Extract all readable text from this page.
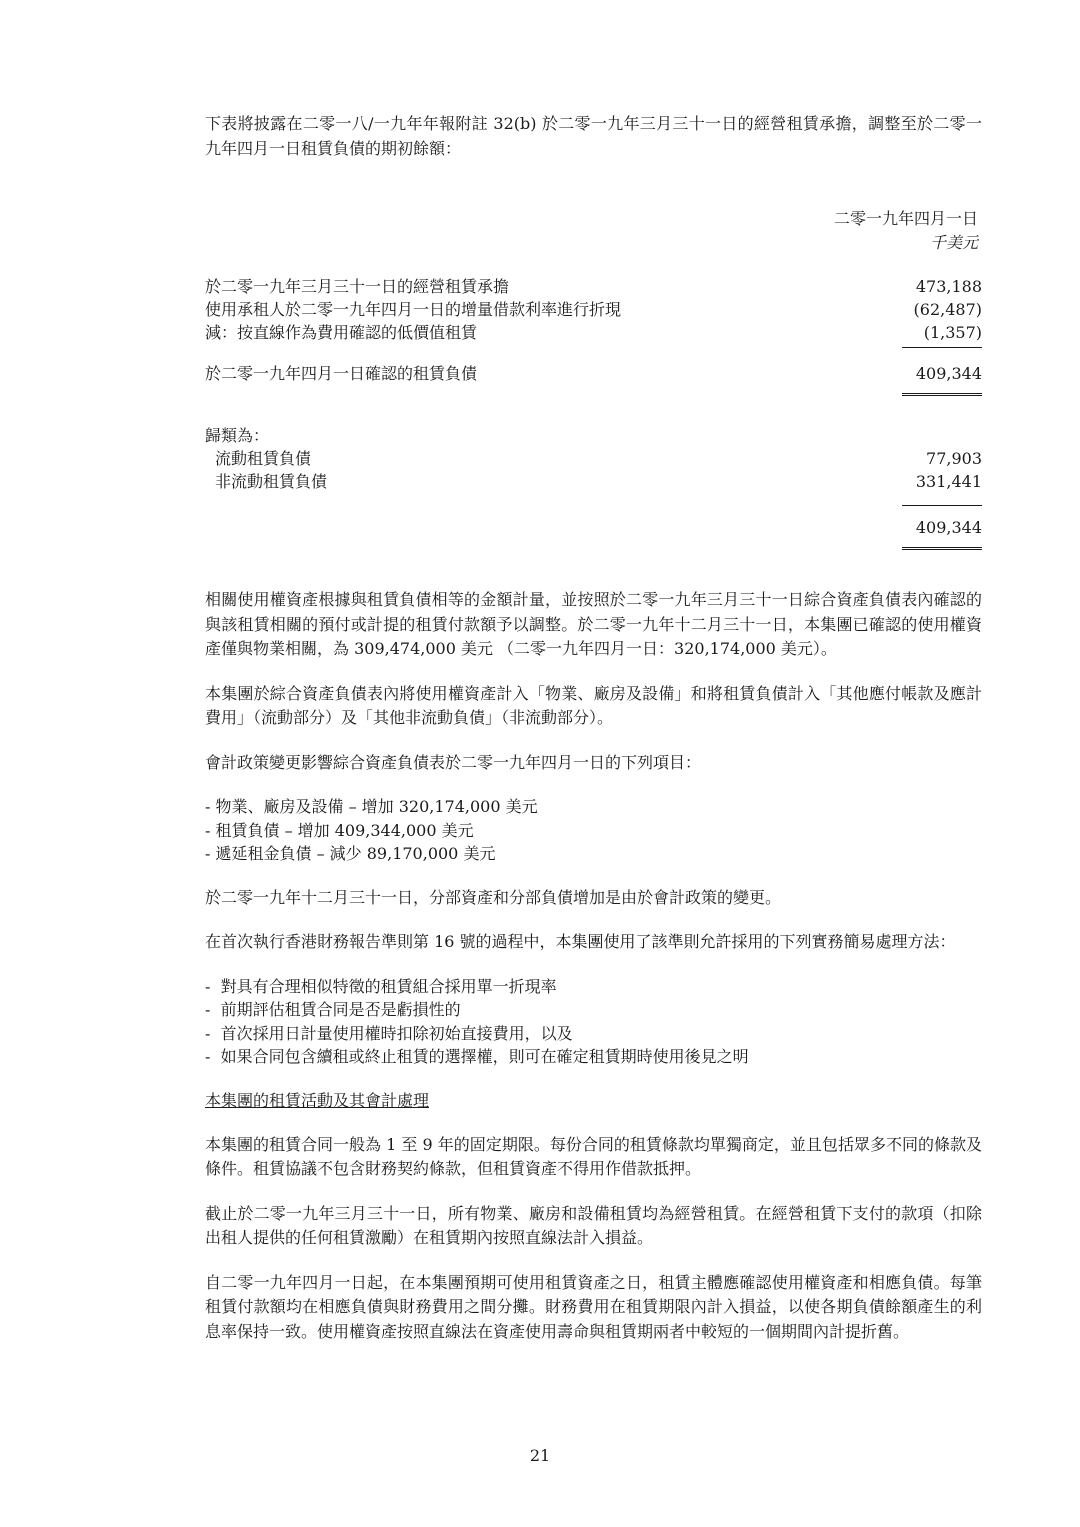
下表將披露在二零一八/一九年年報附註 32(b) 於二零一九年三月三十一日的經營租賃承擔，調整至於二零一九年四月一日租賃負債的期初餘額：

二零一九年四月一日
千美元
於二零一九年三月三十一日的經營租賃承擔	473,188
使用承租人於二零一九年四月一日的增量借款利率進行折現	(62,487)
減：按直線作為費用確認的低價值租賃	(1,357)
於二零一九年四月一日確認的租賃負債	409,344
歸類為：
流動租賃負債	77,903
非流動租賃負債	331,441
409,344

相關使用權資產根據與租賃負債相等的金額計量，並按照於二零一九年三月三十一日綜合資產負債表內確認的與該租賃相關的預付或計提的租賃付款額予以調整。於二零一九年十二月三十一日，本集團已確認的使用權資產僅與物業相關，為 309,474,000 美元 （二零一九年四月一日：320,174,000 美元）。

本集團於綜合資產負債表內將使用權資產計入「物業、廠房及設備」和將租賃負債計入「其他應付帳款及應計費用」（流動部分）及「其他非流動負債」（非流動部分）。

會計政策變更影響綜合資產負債表於二零一九年四月一日的下列項目：

- 物業、廠房及設備 – 增加 320,174,000 美元
- 租賃負債 – 增加 409,344,000 美元
- 遞延租金負債 – 減少 89,170,000 美元

於二零一九年十二月三十一日，分部資產和分部負債增加是由於會計政策的變更。

在首次執行香港財務報告準則第 16 號的過程中，本集團使用了該準則允許採用的下列實務簡易處理方法：

-  對具有合理相似特徵的租賃組合採用單一折現率
-  前期評估租賃合同是否是虧損性的
-  首次採用日計量使用權時扣除初始直接費用，以及
-  如果合同包含續租或終止租賃的選擇權，則可在確定租賃期時使用後見之明

本集團的租賃活動及其會計處理

本集團的租賃合同一般為 1 至 9 年的固定期限。每份合同的租賃條款均單獨商定，並且包括眾多不同的條款及條件。租賃協議不包含財務契約條款，但租賃資產不得用作借款抵押。

截止於二零一九年三月三十一日，所有物業、廠房和設備租賃均為經營租賃。在經營租賃下支付的款項（扣除出租人提供的任何租賃激勵）在租賃期內按照直線法計入損益。

自二零一九年四月一日起，在本集團預期可使用租賃資產之日，租賃主體應確認使用權資產和相應負債。每筆租賃付款額均在相應負債與財務費用之間分攤。財務費用在租賃期限內計入損益，以使各期負債餘額產生的利息率保持一致。使用權資產按照直線法在資產使用壽命與租賃期兩者中較短的一個期間內計提折舊。

21
